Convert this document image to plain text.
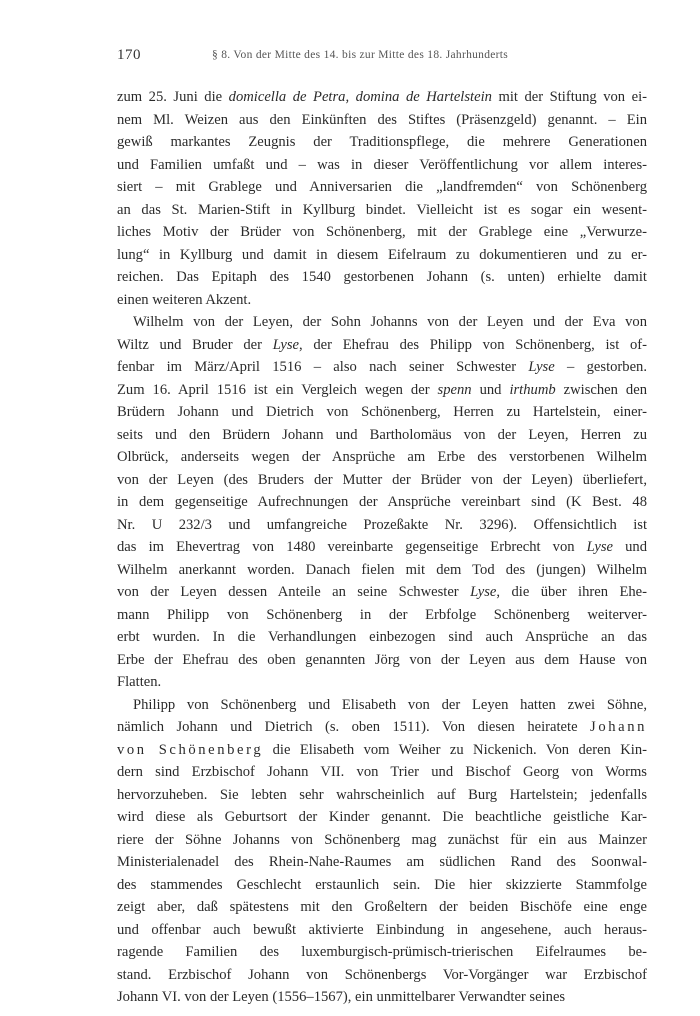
170	§ 8. Von der Mitte des 14. bis zur Mitte des 18. Jahrhunderts
zum 25. Juni die domicella de Petra, domina de Hartelstein mit der Stiftung von ei-
nem Ml. Weizen aus den Einkünften des Stiftes (Präsenzgeld) genannt. – Ein
gewiß markantes Zeugnis der Traditionspflege, die mehrere Generationen
und Familien umfaßt und – was in dieser Veröffentlichung vor allem interes-
siert – mit Grablege und Anniversarien die „landfremden“ von Schönenberg
an das St. Marien-Stift in Kyllburg bindet. Vielleicht ist es sogar ein wesent-
liches Motiv der Brüder von Schönenberg, mit der Grablege eine „Verwurze-
lung“ in Kyllburg und damit in diesem Eifelraum zu dokumentieren und zu er-
reichen. Das Epitaph des 1540 gestorbenen Johann (s. unten) erhielte damit
einen weiteren Akzent.
Wilhelm von der Leyen, der Sohn Johanns von der Leyen und der Eva von
Wiltz und Bruder der Lyse, der Ehefrau des Philipp von Schönenberg, ist of-
fenbar im März/April 1516 – also nach seiner Schwester Lyse – gestorben.
Zum 16. April 1516 ist ein Vergleich wegen der spenn und irthumb zwischen den
Brüdern Johann und Dietrich von Schönenberg, Herren zu Hartelstein, einer-
seits und den Brüdern Johann und Bartholomäus von der Leyen, Herren zu
Olbrück, anderseits wegen der Ansprüche am Erbe des verstorbenen Wilhelm
von der Leyen (des Bruders der Mutter der Brüder von der Leyen) überliefert,
in dem gegenseitige Aufrechnungen der Ansprüche vereinbart sind (K Best. 48
Nr. U 232/3 und umfangreiche Prozeßakte Nr. 3296). Offensichtlich ist
das im Ehevertrag von 1480 vereinbarte gegenseitige Erbrecht von Lyse und
Wilhelm anerkannt worden. Danach fielen mit dem Tod des (jungen) Wilhelm
von der Leyen dessen Anteile an seine Schwester Lyse, die über ihren Ehe-
mann Philipp von Schönenberg in der Erbfolge Schönenberg weiterver-
erbt wurden. In die Verhandlungen einbezogen sind auch Ansprüche an das
Erbe der Ehefrau des oben genannten Jörg von der Leyen aus dem Hause von
Flatten.
Philipp von Schönenberg und Elisabeth von der Leyen hatten zwei Söhne,
nämlich Johann und Dietrich (s. oben 1511). Von diesen heiratete Johann
von Schönenberg die Elisabeth vom Weiher zu Nickenich. Von deren Kin-
dern sind Erzbischof Johann VII. von Trier und Bischof Georg von Worms
hervorzuheben. Sie lebten sehr wahrscheinlich auf Burg Hartelstein; jedenfalls
wird diese als Geburtsort der Kinder genannt. Die beachtliche geistliche Kar-
riere der Söhne Johanns von Schönenberg mag zunächst für ein aus Mainzer
Ministerialenadel des Rhein-Nahe-Raumes am südlichen Rand des Soonwal-
des stammendes Geschlecht erstaunlich sein. Die hier skizzierte Stammfolge
zeigt aber, daß spätestens mit den Großeltern der beiden Bischöfe eine enge
und offenbar auch bewußt aktivierte Einbindung in angesehene, auch heraus-
ragende Familien des luxemburgisch-prümisch-trierischen Eifelraumes be-
stand. Erzbischof Johann von Schönenbergs Vor-Vorgänger war Erzbischof
Johann VI. von der Leyen (1556–1567), ein unmittelbarer Verwandter seines
